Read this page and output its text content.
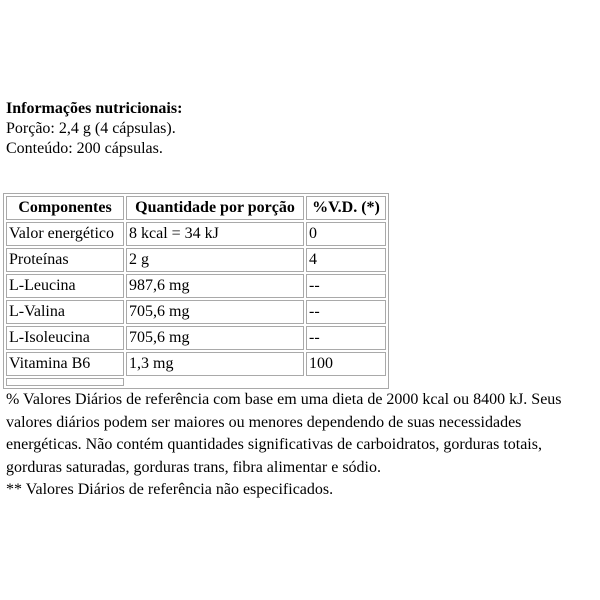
Informações nutricionais:
Porção: 2,4 g (4 cápsulas).
Conteúdo: 200 cápsulas.
Componentes	Quantidade por porção	%V.D. (*)
Valor energético	8 kcal = 34 kJ	0
Proteínas	2 g	4
L-Leucina	987,6 mg	--
L-Valina	705,6 mg	--
L-Isoleucina	705,6 mg	--
Vitamina B6	1,3 mg	100

% Valores Diários de referência com base em uma dieta de 2000 kcal ou 8400 kJ. Seus valores diários podem ser maiores ou menores dependendo de suas necessidades energéticas. Não contém quantidades significativas de carboidratos, gorduras totais, gorduras saturadas, gorduras trans, fibra alimentar e sódio.

** Valores Diários de referência não especificados.
